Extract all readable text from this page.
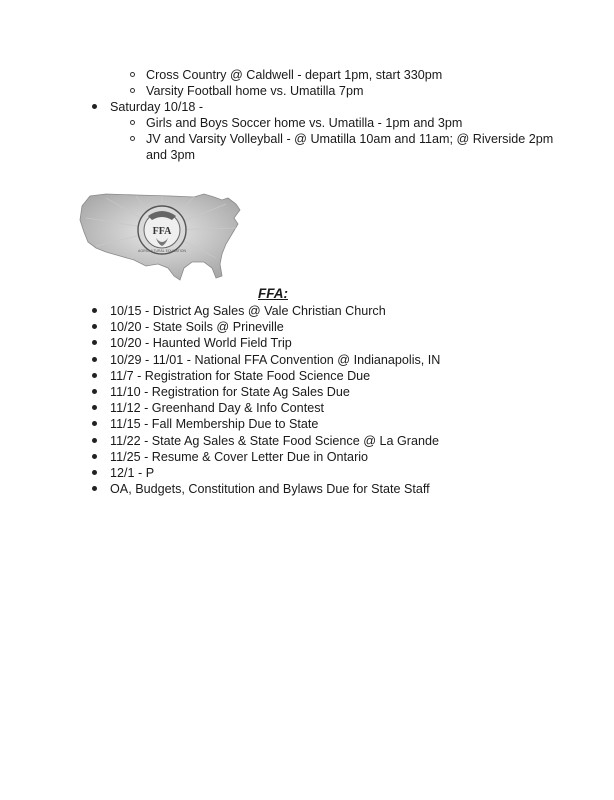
Cross Country @ Caldwell - depart 1pm, start 330pm
Varsity Football home vs. Umatilla 7pm
Saturday 10/18 -
Girls and Boys Soccer home vs. Umatilla - 1pm and 3pm
JV and Varsity Volleyball - @ Umatilla 10am and 11am; @ Riverside 2pm
and 3pm
FFA
AGRICULTURAL EDUCATION
FFA:
10/15 - District Ag Sales @ Vale Christian Church
10/20 - State Soils @ Prineville
10/20 - Haunted World Field Trip
10/29 - 11/01 - National FFA Convention @ Indianapolis, IN
11/7 - Registration for State Food Science Due
11/10 - Registration for State Ag Sales Due
11/12 - Greenhand Day & Info Contest
11/15 - Fall Membership Due to State
11/22 - State Ag Sales & State Food Science @ La Grande
11/25 - Resume & Cover Letter Due in Ontario
12/1 - P
OA, Budgets, Constitution and Bylaws Due for State Staff
